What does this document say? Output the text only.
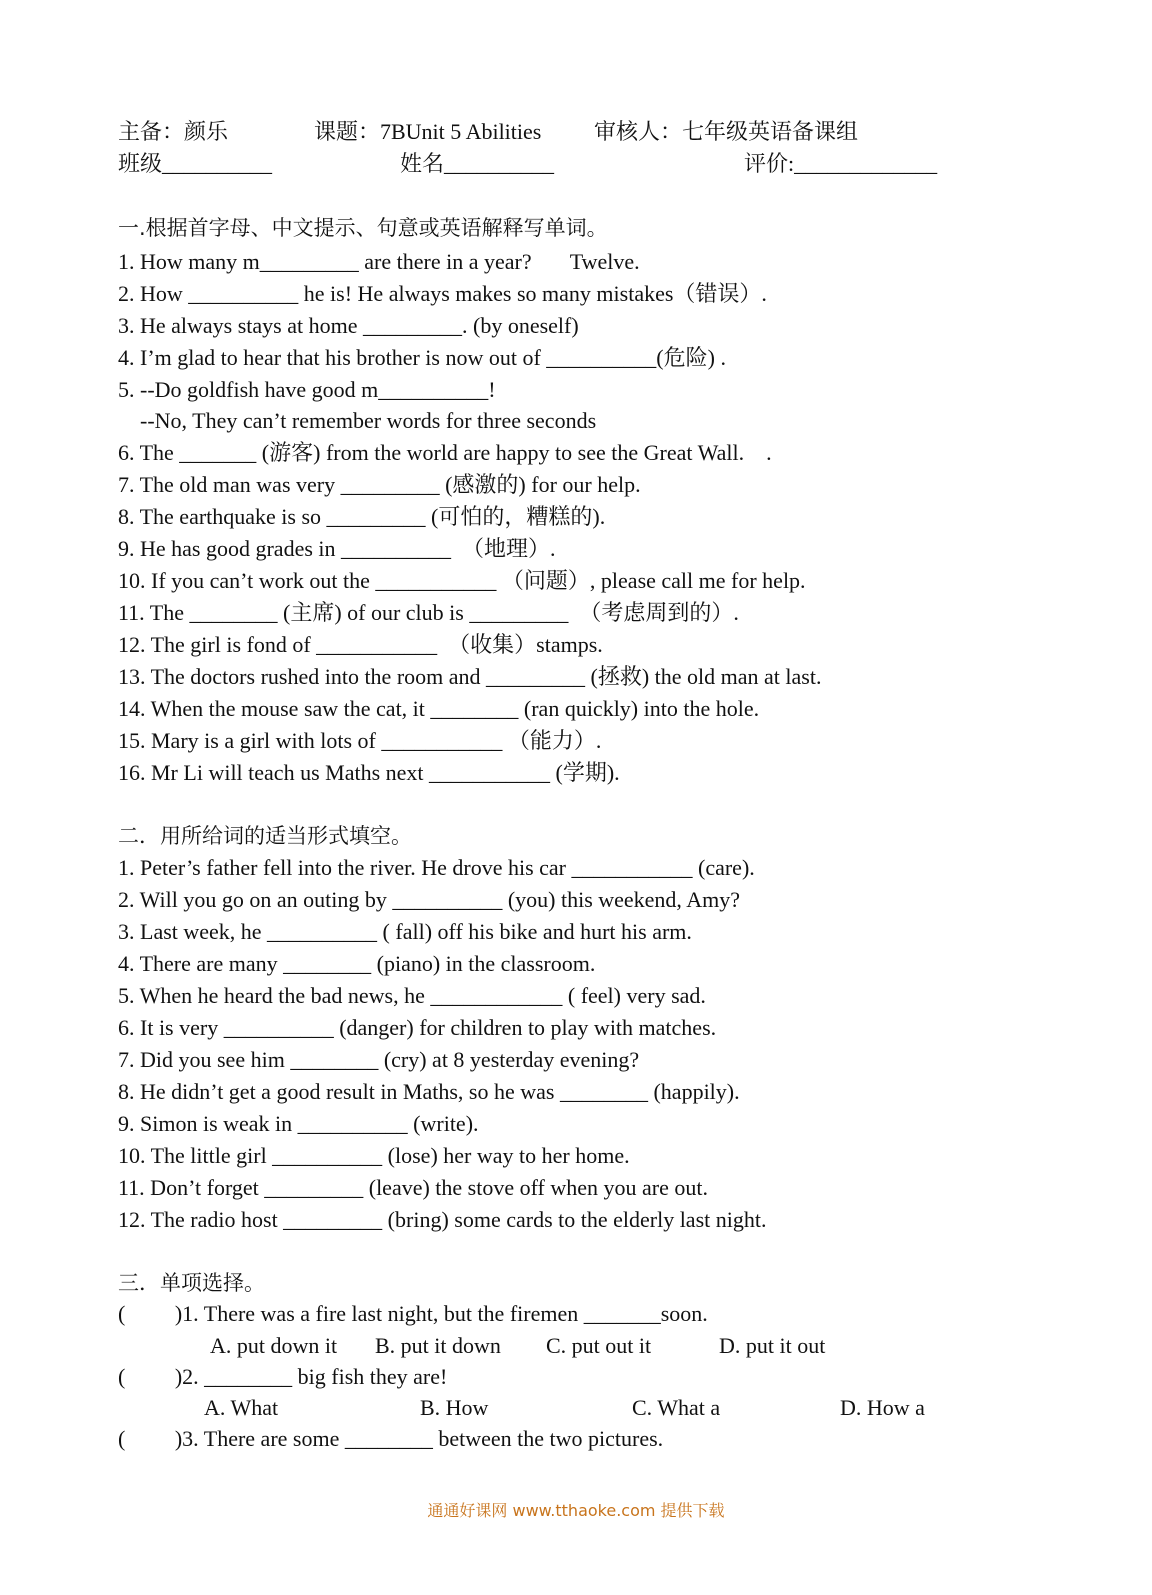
主备：颜乐

	课题：7BUnit 5 Abilities

审核人：七年级英语备课组

班级__________

	姓名__________

	评价:_____________

一.根据首字母、中文提示、句意或英语解释写单词。
1. How many m_________ are there in a year?       Twelve.
2. How __________ he is! He always makes so many mistakes（错误）.
3. He always stays at home _________. (by oneself)
4. I’m glad to hear that his brother is now out of __________(危险) .
5. --Do goldfish have good m__________!
--No, They can’t remember words for three seconds
6. The _______ (游客) from the world are happy to see the Great Wall.    .
7. The old man was very _________ (感激的) for our help.
8. The earthquake is so _________ (可怕的，糟糕的).
9. He has good grades in __________  （地理）.
10. If you can’t work out the ___________ （问题）, please call me for help.
11. The ________ (主席) of our club is _________  （考虑周到的）.
12. The girl is fond of ___________  （收集）stamps.
13. The doctors rushed into the room and _________ (拯救) the old man at last.
14. When the mouse saw the cat, it ________ (ran quickly) into the hole.
15. Mary is a girl with lots of ___________ （能力）.
16. Mr Li will teach us Maths next ___________ (学期).
二．用所给词的适当形式填空。
1. Peter’s father fell into the river. He drove his car ___________ (care).
2. Will you go on an outing by __________ (you) this weekend, Amy?
3. Last week, he __________ ( fall) off his bike and hurt his arm.
4. There are many ________ (piano) in the classroom.
5. When he heard the bad news, he ____________ ( feel) very sad.
6. It is very __________ (danger) for children to play with matches.
7. Did you see him ________ (cry) at 8 yesterday evening?
8. He didn’t get a good result in Maths, so he was ________ (happily).
9. Simon is weak in __________ (write).
10. The little girl __________ (lose) her way to her home.
11. Don’t forget _________ (leave) the stove off when you are out.
12. The radio host _________ (bring) some cards to the elderly last night.
三．单项选择。
(         )1. There was a fire last night, but the firemen _______soon.

A. put down it

B. put it down

C. put out it

	D. put it out

(         )2. ________ big fish they are!

A. What

	B. How

	C. What a

	D. How a

(         )3. There are some ________ between the two pictures.
通通好课网 www.tthaoke.com 提供下载
